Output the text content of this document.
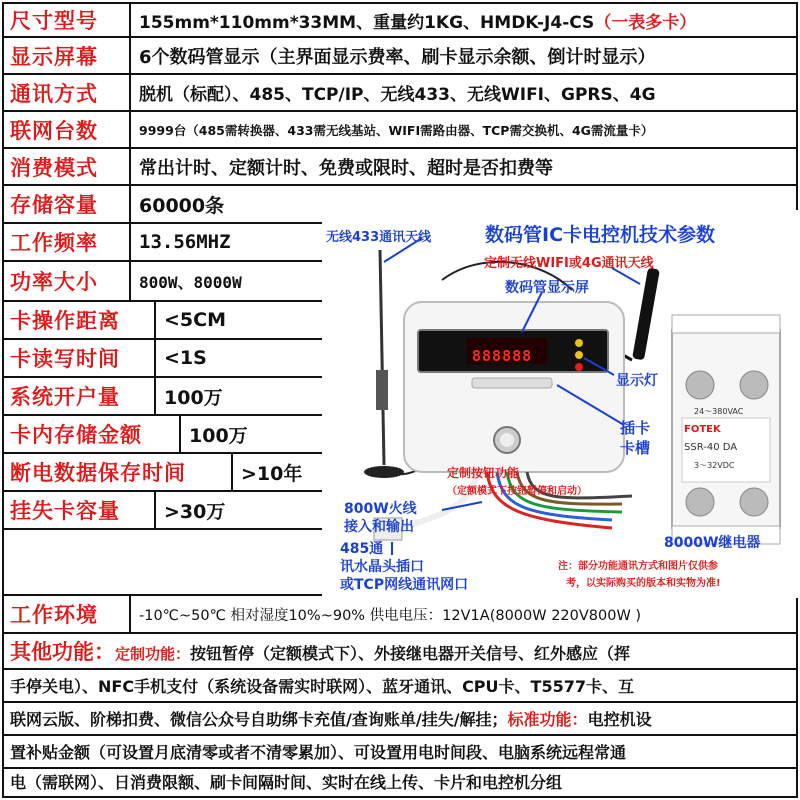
尺寸型号	155mm*110mm*33MM、重量约1KG、HMDK-J4-CS （一表多卡）
显示屏幕	6个数码管显示（主界面显示费率、刷卡显示余额、倒计时显示）
通讯方式	脱机（标配）、485、TCP/IP、无线433、无线WIFI、GPRS、4G
联网台数	9999台（485需转换器、433需无线基站、WIFI需路由器、TCP需交换机、4G需流量卡）
消费模式	常出计时、定额计时、免费或限时、超时是否扣费等
存储容量	60000条
工作频率	13.56MHZ
功率大小	800W、8000W
卡操作距离	<5CM
卡读写时间	<1S
系统开户量	100万
卡内存储金额	100万
断电数据保存时间	>10年
挂失卡容量	>30万
工作环境	-10℃~50℃ 相对湿度10%~90% 供电电压：12V1A(8000W 220V800W )
其他功能：定制功能：按钮暂停（定额模式下）、外接继电器开关信号、红外感应（挥
手停关电）、NFC手机支付（系统设备需实时联网）、蓝牙通讯、CPU卡、T5577卡、互
联网云版、阶梯扣费、微信公众号自助绑卡充值/查询账单/挂失/解挂；标准功能：电控机设
置补贴金额（可设置月底清零或者不清零累加）、可设置用电时间段、电脑系统远程常通
电（需联网）、日消费限额、刷卡间隔时间、实时在线上传、卡片和电控机分组
无线433通讯天线	数码管IC卡电控机技术参数
定制无线WIFI或4G通讯天线
数码管显示屏
888888
显示灯
插卡
卡槽
定制按钮功能
（定额模式下按钮暂停和启动）
800W火线
接入和输出
485通
讯水晶头插口
或TCP网线通讯网口
8000W继电器
FOTEK
SSR-40 DA
24～380VAC
3～32VDC
注：部分功能通讯方式和图片仅供参
考，以实际购买的版本和实物为准!
